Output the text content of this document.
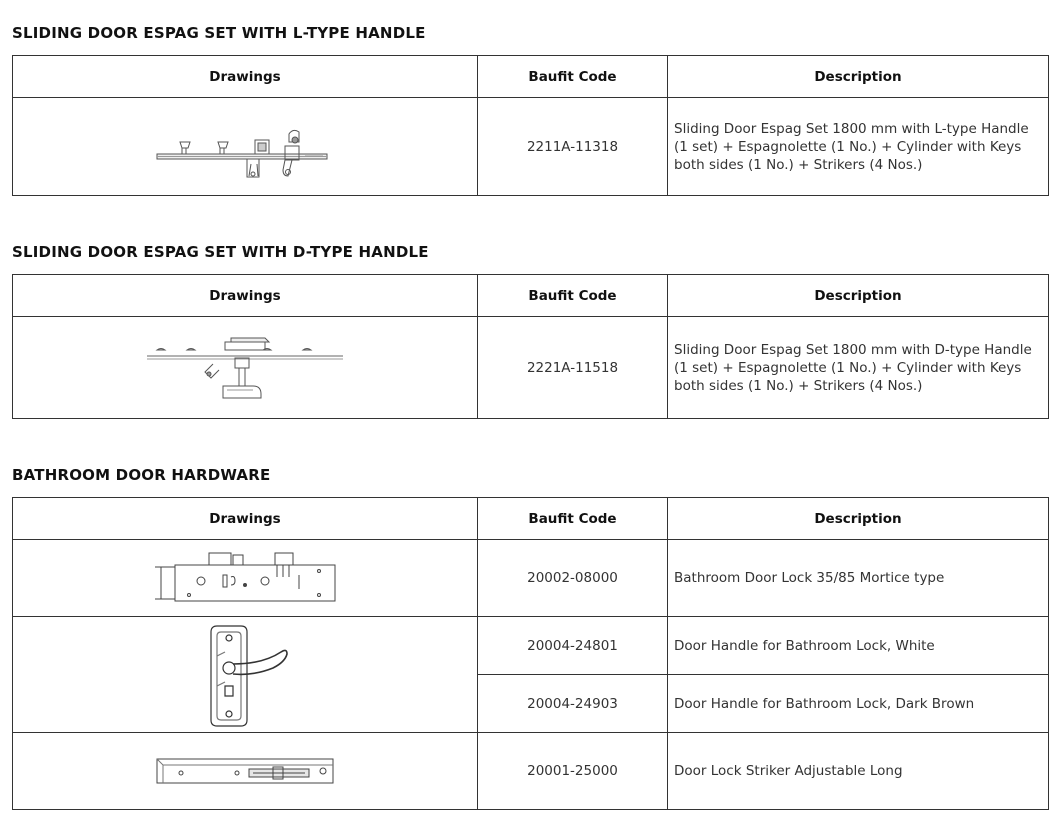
SLIDING DOOR ESPAG SET WITH L-TYPE HANDLE
Drawings	Baufit Code	Description

	2211A-11318	Sliding Door Espag Set 1800 mm with L-type Handle (1 set) + Espagnolette (1 No.) + Cylinder with Keys both sides (1 No.) + Strikers (4 Nos.)
SLIDING DOOR ESPAG SET WITH D-TYPE HANDLE
Drawings	Baufit Code	Description

	2221A-11518	Sliding Door Espag Set 1800 mm with D-type Handle (1 set) + Espagnolette (1 No.) + Cylinder with Keys both sides (1 No.) + Strikers (4 Nos.)
BATHROOM DOOR HARDWARE
Drawings	Baufit Code	Description

	20002-08000	Bathroom Door Lock 35/85 Mortice type

	20004-24801	Door Handle for Bathroom Lock, White
	20004-24903	Door Handle for Bathroom Lock, Dark Brown

	20001-25000	Door Lock Striker Adjustable Long
